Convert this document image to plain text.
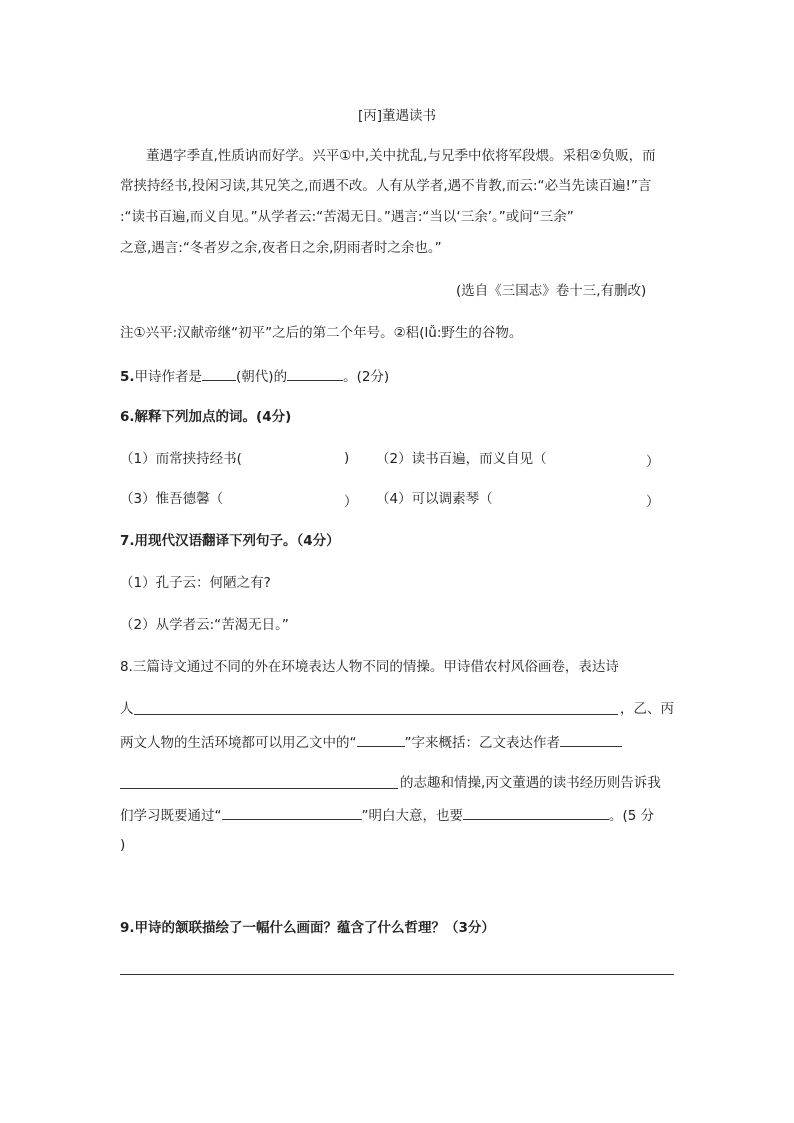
[丙]董遇读书
董遇字季直,性质讷而好学。兴平①中,关中扰乱,与兄季中依将军段煨。采稆②负贩，而
常挟持经书,投闲习读,其兄笑之,而遇不改。人有从学者,遇不肯教,而云:“必当先读百遍!”言
:“读书百遍,而义自见。”从学者云:“苦渴无日。”遇言:“当以‘三余’。”或问“三余”
之意,遇言:“冬者岁之余,夜者日之余,阴雨者时之余也。”
(选自《三国志》卷十三,有删改)
注①兴平:汉献帝继“初平”之后的第二个年号。②稆(lǚ:野生的谷物。
5.甲诗作者是	(朝代)的	。(2分)
6.解释下列加点的词。(4分)
（1）而常挟持经书(	) （2）读书百遍，而义自见（	）
（3）惟吾德馨（	） （4）可以调素琴（	）
7.用现代汉语翻译下列句子。（4分）
（1）孔子云：何陋之有?
（2）从学者云:“苦渴无日。”
8.三篇诗文通过不同的外在环境表达人物不同的情操。甲诗借农村风俗画卷，表达诗
人	，乙、丙
两文人物的生活环境都可以用乙文中的“	”字来概括：乙文表达作者
的志趣和情操,丙文董遇的读书经历则告诉我
们学习既要通过“	”明白大意，也要	。(5 分
)
9.甲诗的颔联描绘了一幅什么画面？蕴含了什么哲理？（3分）
